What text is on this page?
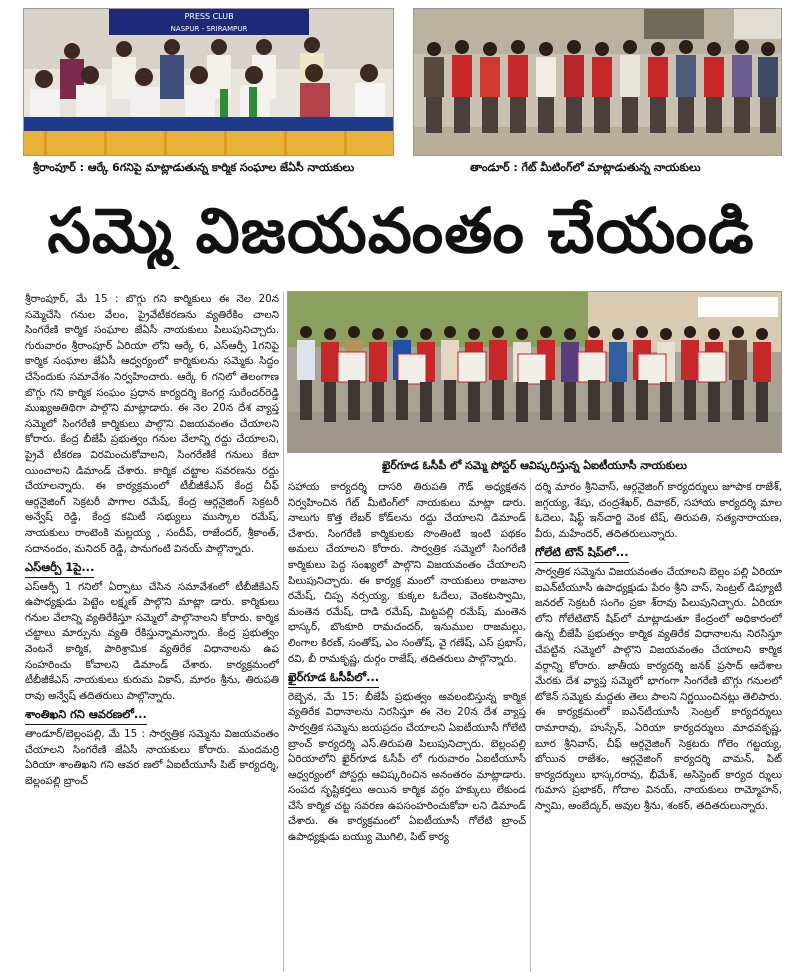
PRESS CLUB
NASPUR - SRIRAMPUR
శ్రీరాంపూర్‌ : ఆర్కే 6గనిపై మాట్లాడుతున్న కార్మిక సంఘాల జేఏసీ నాయకులు	తాండూర్‌ : గేట్‌ మీటింగ్‌లో మాట్లాడుతున్న నాయకులు
సమ్మె విజయవంతం చేయండి
ఖైర్‌గూడ ఓసీపీ లో సమ్మె పోస్టర్‌ ఆవిష్కరిస్తున్న ఏఐటీయూసీ నాయకులు

శ్రీరాంపూర్‌, మే 15 : బొగ్గు గని కార్మికులు ఈ నెల 20న సమ్మెచేసి గనుల వేలం, ప్రైవేటీకరణను వ్యతిరేకిం చాలని సింగరేణి కార్మిక సంఘాల జేఏసీ నాయకులు పిలుపునిచ్చారు. గురువారం శ్రీరాంపూర్‌ ఏరియా లోని ఆర్కే 6, ఎస్‌ఆర్పీ 1గనిపై కార్మిక సంఘాల జేఏసీ ఆధ్వర్యంలో కార్మికులను సమ్మెకు సిద్ధం చేసేందుకు సమావేశం నిర్వహించారు. ఆర్కే 6 గనిలో తెలంగాణ బొగ్గు గని కార్మిక సంఘం ప్రధాన కార్యదర్శి కెంగర్ల సురేందర్‌రెడ్డి ముఖ్యఅతిథిగా పాల్గొని మాట్లాడారు. ఈ నెల 20న దేశ వ్యాప్త సమ్మెలో సింగరేణి కార్మికులు పాల్గొని విజయవంతం చేయాలని కోరారు. కేంద్ర బీజేపీ ప్రభుత్వం గనుల వేలాన్ని రద్దు చేయాలని, ప్రైవే టీకరణ విరమించుకోవాలని, సింగరేణికే గనులు కేటా యించాలని డిమాండ్‌ చేశారు. కార్మిక చట్టాల సవరణను రద్దు చేయాలన్నారు. ఈ కార్యక్రమంలో టీబీజీకేఎస్‌ కేంద్ర చీఫ్‌ ఆర్గనైజింగ్‌ సెక్రటరీ పాగాల రమేష్‌, కేంద్ర ఆర్గనైజింగ్‌ సెక్రటరీ అన్వేష్‌ రెడ్డి, కేంద్ర కమిటీ సభ్యులు ముస్కాల రమేష్‌, నాయకులు రాంటెంకి మల్లయ్య , సందీప్‌, రాజేందర్‌, శ్రీకాంత్‌, సదానందం, మనిదర్‌ రెడ్డి, పానుగంటి వినయ్‌ పాల్గొన్నారు.

ఎస్‌ఆర్పీ 1పై...

ఎస్‌ఆర్పీ 1 గనిలో ఏర్పాటు చేసిన సమావేశంలో టీబీజీకేఎస్‌ ఉపాధ్యక్షుడు పెట్టెం లక్ష్మణ్‌ పాల్గొని మాట్లా డారు. కార్మికులు గనుల వేలాన్ని వ్యతిరేకిస్తూ సమ్మెలో పాల్గొనాలని కోరారు. కార్మిక చట్టాలు మార్పును వ్యతి రేకిస్తున్నామన్నారు. కేంద్ర ప్రభుత్వం వెంటనే కార్మిక, పారిశ్రామిక వ్యతిరేక విధానాలను ఉప సంహరించు కోవాలని డిమాండ్‌ చేశారు. కార్యక్రమంలో టీబీజీకేఎస్‌ నాయకులు కురుమ వికాస్‌, మారం శ్రీను, తిరుపతి రావు అన్వేష్‌ తదితరులు పాల్గొన్నారు.

శాంతిఖని గని ఆవరణలో...

తాండూర్‌/బెల్లంపల్లి, మే 15 : సార్వత్రిక సమ్మెను విజయవంతం చేయాలని సింగరేణి జేఏసీ నాయకులు కోరారు. మందమర్రి ఏరియా శాంతిఖని గని ఆవర ణలో ఏఐటీయూసీ పిట్‌ కార్యదర్శి, బెల్లంపల్లి బ్రాంచ్‌

సహాయ కార్యదర్శి దాసరి తిరుపతి గౌడ్‌ అధ్యక్షతన నిర్వహించిన గేట్‌ మీటింగ్‌లో నాయకులు మాట్లా డారు. నాలుగు కొత్త లేబర్‌ కోడ్‌లను రద్దు చేయాలని డిమాండ్‌ చేశారు. సింగరేణి కార్మికులకు సొంతింటి ఇంటి పథకం అమలు చేయాలని కోరారు. సార్వత్రిక సమ్మెలో సింగరేణి కార్మికులు పెద్ద సంఖ్యలో పాల్గొని విజయవంతం చేయాలని పిలుపునిచ్చారు. ఈ కార్యక్ర మంలో నాయకులు రాజనాల రమేష్‌, చిప్ప నర్సయ్య, కుక్కల ఓదేలు, వెంకటస్వామి, మంతెన రమేష్‌, దాడి రమేష్‌, మిట్టపల్లి రమేష్‌, మంతెన భాస్కర్‌, బొంకూరి రామచందర్‌, ఇనుముల రాజమల్లు, లింగాల కిరణ్‌, సంతోష్‌, ఎం సంతోష్‌, వై గణేష్‌, ఎస్‌ ప్రభాస్‌, రవి, బీ రామకృష్ణ, దుర్గం రాజేష్‌, తదితరులు పాల్గొన్నారు.

ఖైర్‌గూడ ఓసీపీలో...

రెబ్బెన, మే 15: బీజేపీ ప్రభుత్వం అవలంబిస్తున్న కార్మిక వ్యతిరేక విధానాలను నిరసిస్తూ ఈ నెల 20న దేశ వ్యాప్త సార్వత్రిక సమ్మెను జయప్రదం చేయాలని ఏఐటీయూసీ గోలేటి బ్రాంచ్‌ కార్యదర్శి ఎస్‌.తిరుపతి పిలుపునిచ్చారు. బెల్లంపల్లి ఏరియాలోని ఖైర్‌గూడ ఓసీపీ లో గురువారం ఏఐటీయూసీ ఆధ్వర్యంలో పోస్టర్లు ఆవిష్కరించిన అనంతరం మాట్లాడారు. సంపద సృష్టికర్తలు అయిన కార్మిక వర్గం హక్కులు లేకుండ చేసే కార్మిక చట్ట సవరణ ఉపసంహరించుకోవా లని డిమాండ్‌ చేశారు. ఈ కార్యక్రమంలో ఏఐటీయూసీ గోలేటి బ్రాంచ్‌ ఉపాధ్యక్షుడు బయ్యు మొగిలి, పిట్‌ కార్య

దర్శి మారం శ్రీనివాస్‌, ఆర్గనైజింగ్‌ కార్యదర్శులు జూపాక రాజేశ్‌, జగ్గయ్య, శేషు, చంద్రశేఖర్‌, దివాకర్‌, సహాయ కార్యదర్శి మాల ఓదెలు, షిఫ్ట్‌ ఇన్‌చార్జి వెంక టేష్‌, తిరుపతి, సత్యనారాయణ, వీరు, మహేందర్‌, తదితరులున్నారు.

గోలేటి టౌన్‌ షిప్‌లో...

సార్వత్రిక సమ్మెను విజయవంతం చేయాలని బెల్లం పల్లి ఏరియా ఐఎన్‌టీయూసీ ఉపాధ్యక్షుడు పేరం శ్రీని వాస్‌, సెంట్రల్‌ డిప్యూటీ జనరల్‌ సెక్రటరీ సంగెం ప్రకా శ్‌రావు పిలుపునిచ్చారు. ఏరియా లోని గోలేటిటౌన్‌ షిప్‌లో మాట్లాడుతూ కేంద్రంలో అధికారంలో ఉన్న బీజేపీ ప్రభుత్వం కార్మిక వ్యతిరేక విధానాలను నిరసిస్తూ చేపట్టిన సమ్మెలో పాల్గొని విజయవంతం చేయాలని కార్మిక వర్గాన్ని కోరారు. జాతీయ కార్యదర్శి జనక్‌ ప్రసాద్‌ ఆదేశాల మేరకు దేశ వ్యాప్త సమ్మెలో భాగంగా సింగరేణి బొగ్గు గనులలో టోకెన్‌ సమ్మెకు మద్దతు తెలు పాలని నిర్ణయించినట్లు తెలిపారు. ఈ కార్యక్రమంలో ఐఎన్‌టీయూసీ సెంట్రల్‌ కార్యదర్శులు రామారావు, హుస్సేన్‌, ఏరియా కార్యదర్శులు మాధవకృష్ణ, బూర శ్రీనివాస్‌, చీఫ్‌ ఆర్గనైజింగ్‌ సెక్రటరు గోలెం గట్టయ్య, బోయిన రాజేశం, ఆర్గనైజింగ్‌ కార్యదర్శి వామన్‌, పిట్‌ కార్యదర్శులు భాస్కరరావు, భీమేశ్‌, అసిస్టెంట్‌ కార్యద ర్శులు గుమాస ప్రభాకర్‌, గోదాల వినయ్‌, నాయకులు రామ్మోహన్‌, స్వామి, అంబేద్కర్‌, అవుల శ్రీను, శంకర్‌, తదితరులున్నారు.
